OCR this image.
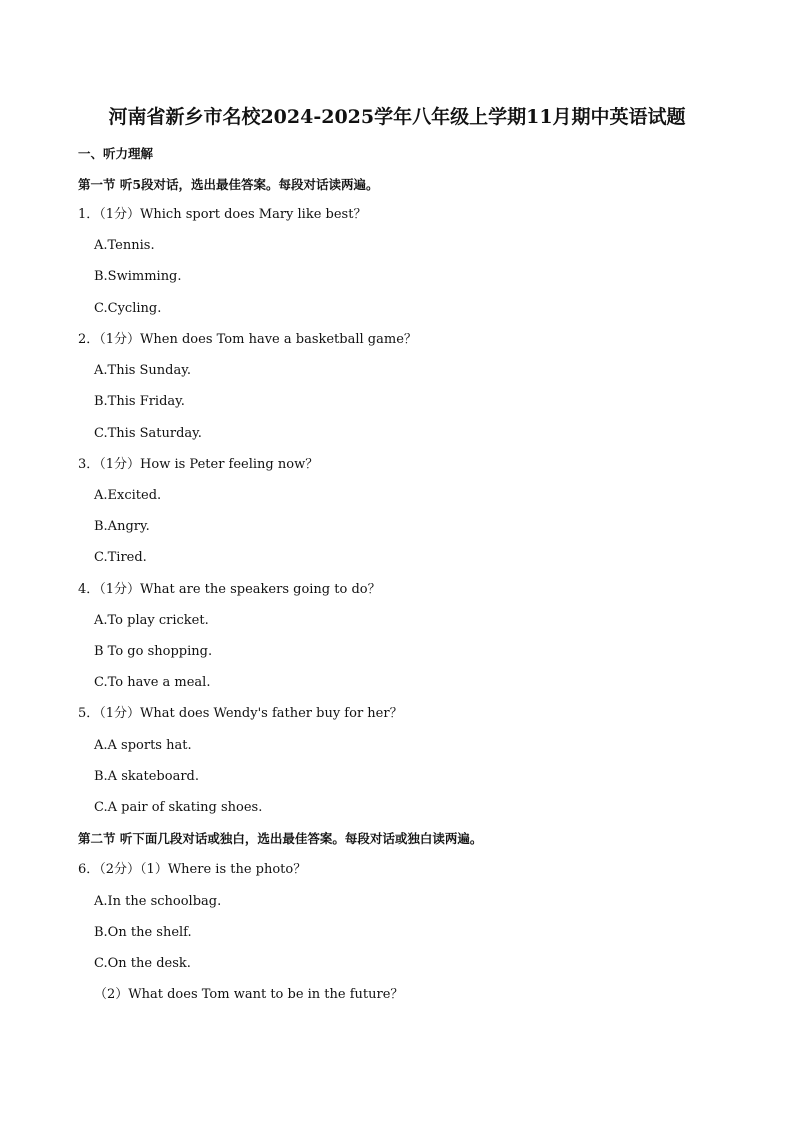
河南省新乡市名校2024-2025学年八年级上学期11月期中英语试题
一、听力理解
第一节 听5段对话，选出最佳答案。每段对话读两遍。
1．（1分）Which sport does Mary like best？
A.Tennis.
B.Swimming.
C.Cycling.
2．（1分）When does Tom have a basketball game？
A.This Sunday.
B.This Friday.
C.This Saturday.
3．（1分）How is Peter feeling now？
A.Excited.
B.Angry.
C.Tired.
4．（1分）What are the speakers going to do？
A.To play cricket.
B To go shopping.
C.To have a meal.
5．（1分）What does Wendy's father buy for her？
A.A sports hat.
B.A skateboard.
C.A pair of skating shoes.
第二节 听下面几段对话或独白，选出最佳答案。每段对话或独白读两遍。
6．（2分）（1）Where is the photo？
A.In the schoolbag.
B.On the shelf.
C.On the desk.
（2）What does Tom want to be in the future？
